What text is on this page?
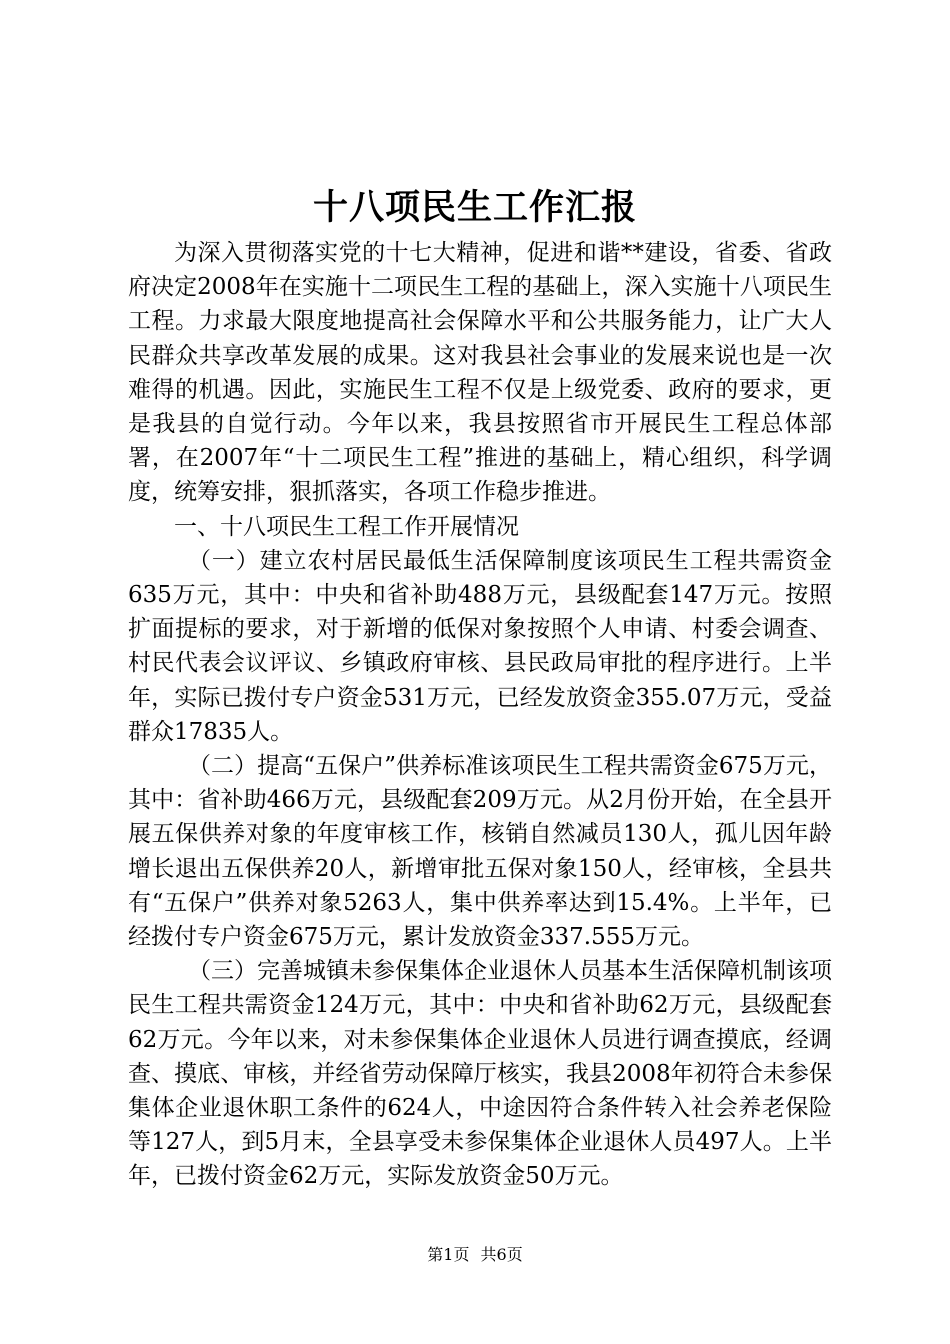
十八项民生工作汇报

为深入贯彻落实党的十七大精神，促进和谐**建设，省委、省政府决定2008年在实施十二项民生工程的基础上，深入实施十八项民生工程。力求最大限度地提高社会保障水平和公共服务能力，让广大人民群众共享改革发展的成果。这对我县社会事业的发展来说也是一次难得的机遇。因此，实施民生工程不仅是上级党委、政府的要求，更是我县的自觉行动。今年以来，我县按照省市开展民生工程总体部署，在2007年“十二项民生工程”推进的基础上，精心组织，科学调度，统筹安排，狠抓落实，各项工作稳步推进。

一、十八项民生工程工作开展情况

（一）建立农村居民最低生活保障制度该项民生工程共需资金635万元，其中：中央和省补助488万元，县级配套147万元。按照扩面提标的要求，对于新增的低保对象按照个人申请、村委会调查、村民代表会议评议、乡镇政府审核、县民政局审批的程序进行。上半年，实际已拨付专户资金531万元，已经发放资金355.07万元，受益群众17835人。

（二）提高“五保户”供养标准该项民生工程共需资金675万元，其中：省补助466万元，县级配套209万元。从2月份开始，在全县开展五保供养对象的年度审核工作，核销自然减员130人，孤儿因年龄增长退出五保供养20人，新增审批五保对象150人，经审核，全县共有“五保户”供养对象5263人，集中供养率达到15.4%。上半年，已经拨付专户资金675万元，累计发放资金337.555万元。

（三）完善城镇未参保集体企业退休人员基本生活保障机制该项民生工程共需资金124万元，其中：中央和省补助62万元，县级配套62万元。今年以来，对未参保集体企业退休人员进行调查摸底，经调查、摸底、审核，并经省劳动保障厅核实，我县2008年初符合未参保集体企业退休职工条件的624人，中途因符合条件转入社会养老保险等127人，到5月末，全县享受未参保集体企业退休人员497人。上半年，已拨付资金62万元，实际发放资金50万元。

第1页 共6页
